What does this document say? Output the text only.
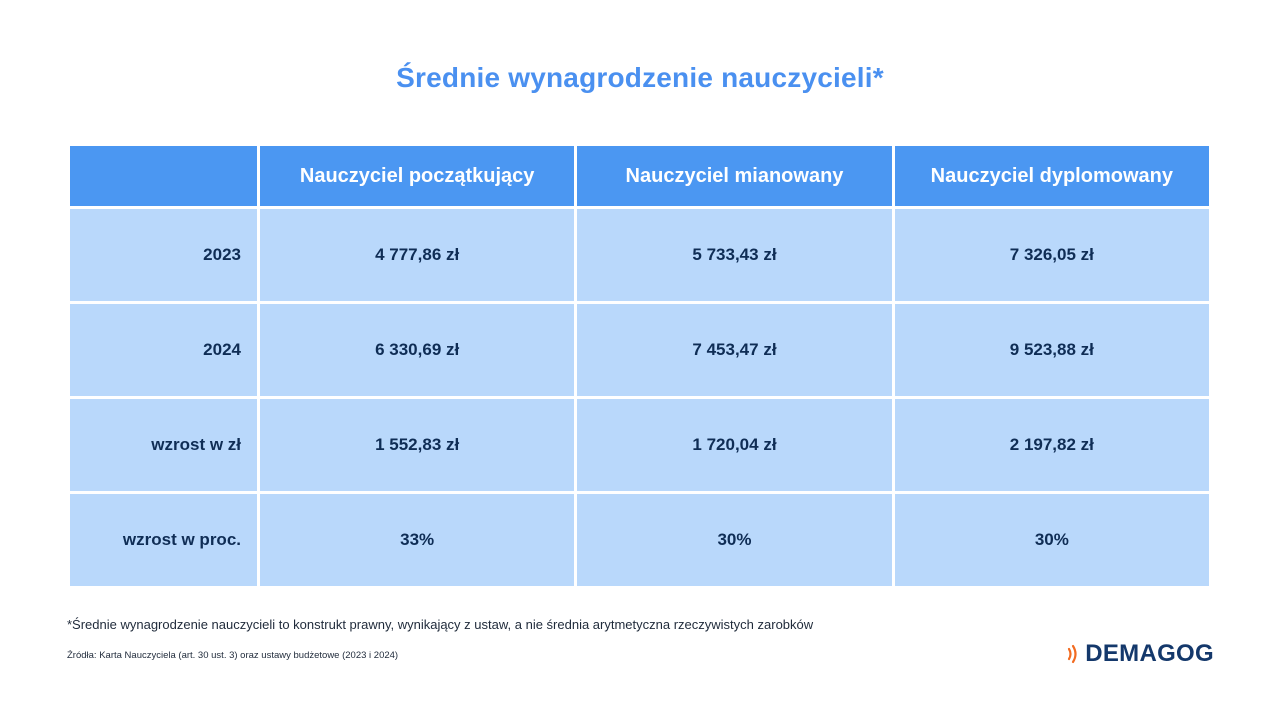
Średnie wynagrodzenie nauczycieli*
	Nauczyciel początkujący	Nauczyciel mianowany	Nauczyciel dyplomowany
2023	4 777,86 zł	5 733,43 zł	7 326,05 zł
2024	6 330,69 zł	7 453,47 zł	9 523,88 zł
wzrost w zł	1 552,83 zł	1 720,04 zł	2 197,82 zł
wzrost w proc.	33%	30%	30%
*Średnie wynagrodzenie nauczycieli to konstrukt prawny, wynikający z ustaw, a nie średnia arytmetyczna rzeczywistych zarobków
Źródła: Karta Nauczyciela (art. 30 ust. 3) oraz ustawy budżetowe (2023 i 2024)	DEMAGOG
